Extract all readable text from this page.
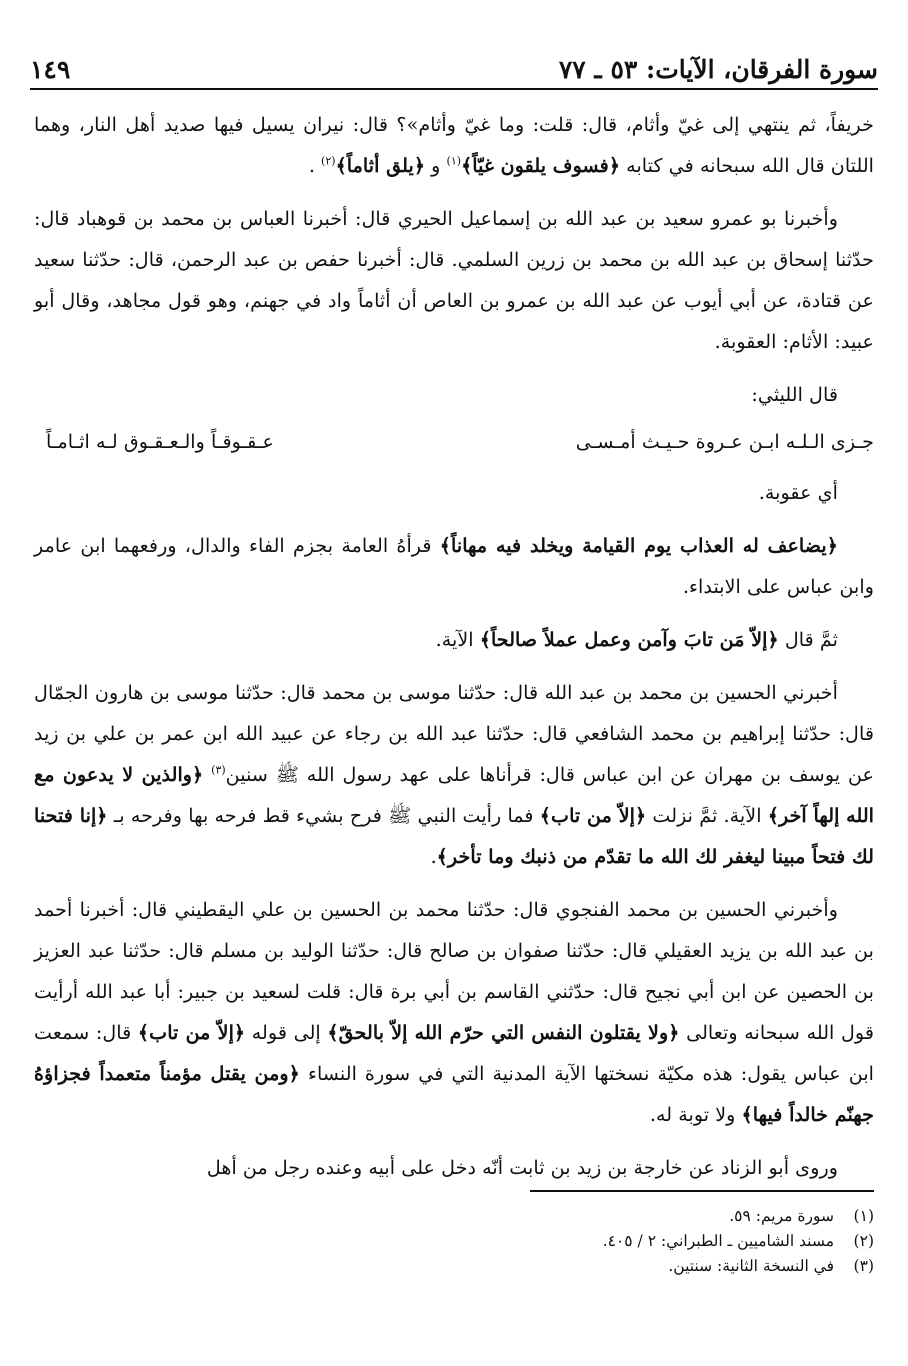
سورة الفرقان، الآيات: ٥٣ ـ ٧٧
١٤٩

خريفاً، ثم ينتهي إلى غيّ وأثام، قال: قلت: وما غيّ وأثام»؟ قال: نيران يسيل فيها صديد أهل النار، وهما اللتان قال الله سبحانه في كتابه ﴿فسوف يلقون غيّاً﴾$^{(١)}$ و ﴿يلق أثاماً﴾$^{(٢)}$ .

وأخبرنا بو عمرو سعيد بن عبد الله بن إسماعيل الحيري قال: أخبرنا العباس بن محمد بن قوهباد قال: حدّثنا إسحاق بن عبد الله بن محمد بن زرين السلمي. قال: أخبرنا حفص بن عبد الرحمن، قال: حدّثنا سعيد عن قتادة، عن أبي أيوب عن عبد الله بن عمرو بن العاص أن أثاماً واد في جهنم، وهو قول مجاهد، وقال أبو عبيد: الأثام: العقوبة.

قال الليثي:

جـزى الـلـه ابـن عـروة حـيـث أمـسـى
عـقـوقـاً والـعـقـوق لـه اثـامـاً

أي عقوبة.

﴿يضاعف له العذاب يوم القيامة ويخلد فيه مهاناً﴾ قرأهُ العامة بجزم الفاء والدال، ورفعهما ابن عامر وابن عباس على الابتداء.

ثمَّ قال ﴿إلاّ مَن تابَ وآمن وعمل عملاً صالحاً﴾ الآية.

أخبرني الحسين بن محمد بن عبد الله قال: حدّثنا موسى بن محمد قال: حدّثنا موسى بن هارون الجمّال قال: حدّثنا إبراهيم بن محمد الشافعي قال: حدّثنا عبد الله بن رجاء عن عبيد الله ابن عمر بن علي بن زيد عن يوسف بن مهران عن ابن عباس قال: قرأناها على عهد رسول الله ﷺ سنين$^{(٣)}$ ﴿والذين لا يدعون مع الله إلهاً آخر﴾ الآية. ثمَّ نزلت ﴿إلاّ من تاب﴾ فما رأيت النبي ﷺ فرح بشيء قط فرحه بها وفرحه بـ ﴿إنا فتحنا لك فتحاً مبينا ليغفر لك الله ما تقدّم من ذنبك وما تأخر﴾.

وأخبرني الحسين بن محمد الفنجوي قال: حدّثنا محمد بن الحسين بن علي اليقطيني قال: أخبرنا أحمد بن عبد الله بن يزيد العقيلي قال: حدّثنا صفوان بن صالح قال: حدّثنا الوليد بن مسلم قال: حدّثنا عبد العزيز بن الحصين عن ابن أبي نجيح قال: حدّثني القاسم بن أبي برة قال: قلت لسعيد بن جبير: أبا عبد الله أرأيت قول الله سبحانه وتعالى ﴿ولا يقتلون النفس التي حرّم الله إلاّ بالحقّ﴾ إلى قوله ﴿إلاّ من تاب﴾ قال: سمعت ابن عباس يقول: هذه مكيّة نسختها الآية المدنية التي في سورة النساء ﴿ومن يقتل مؤمناً متعمداً فجزاؤهُ جهنّم خالداً فيها﴾ ولا توبة له.

وروى أبو الزناد عن خارجة بن زيد بن ثابت أنّه دخل على أبيه وعنده رجل من أهل

(١)
سورة مريم: ٥٩.
(٢)
مسند الشاميين ـ الطبراني: ٢ / ٤٠٥.
(٣)
في النسخة الثانية: سنتين.
